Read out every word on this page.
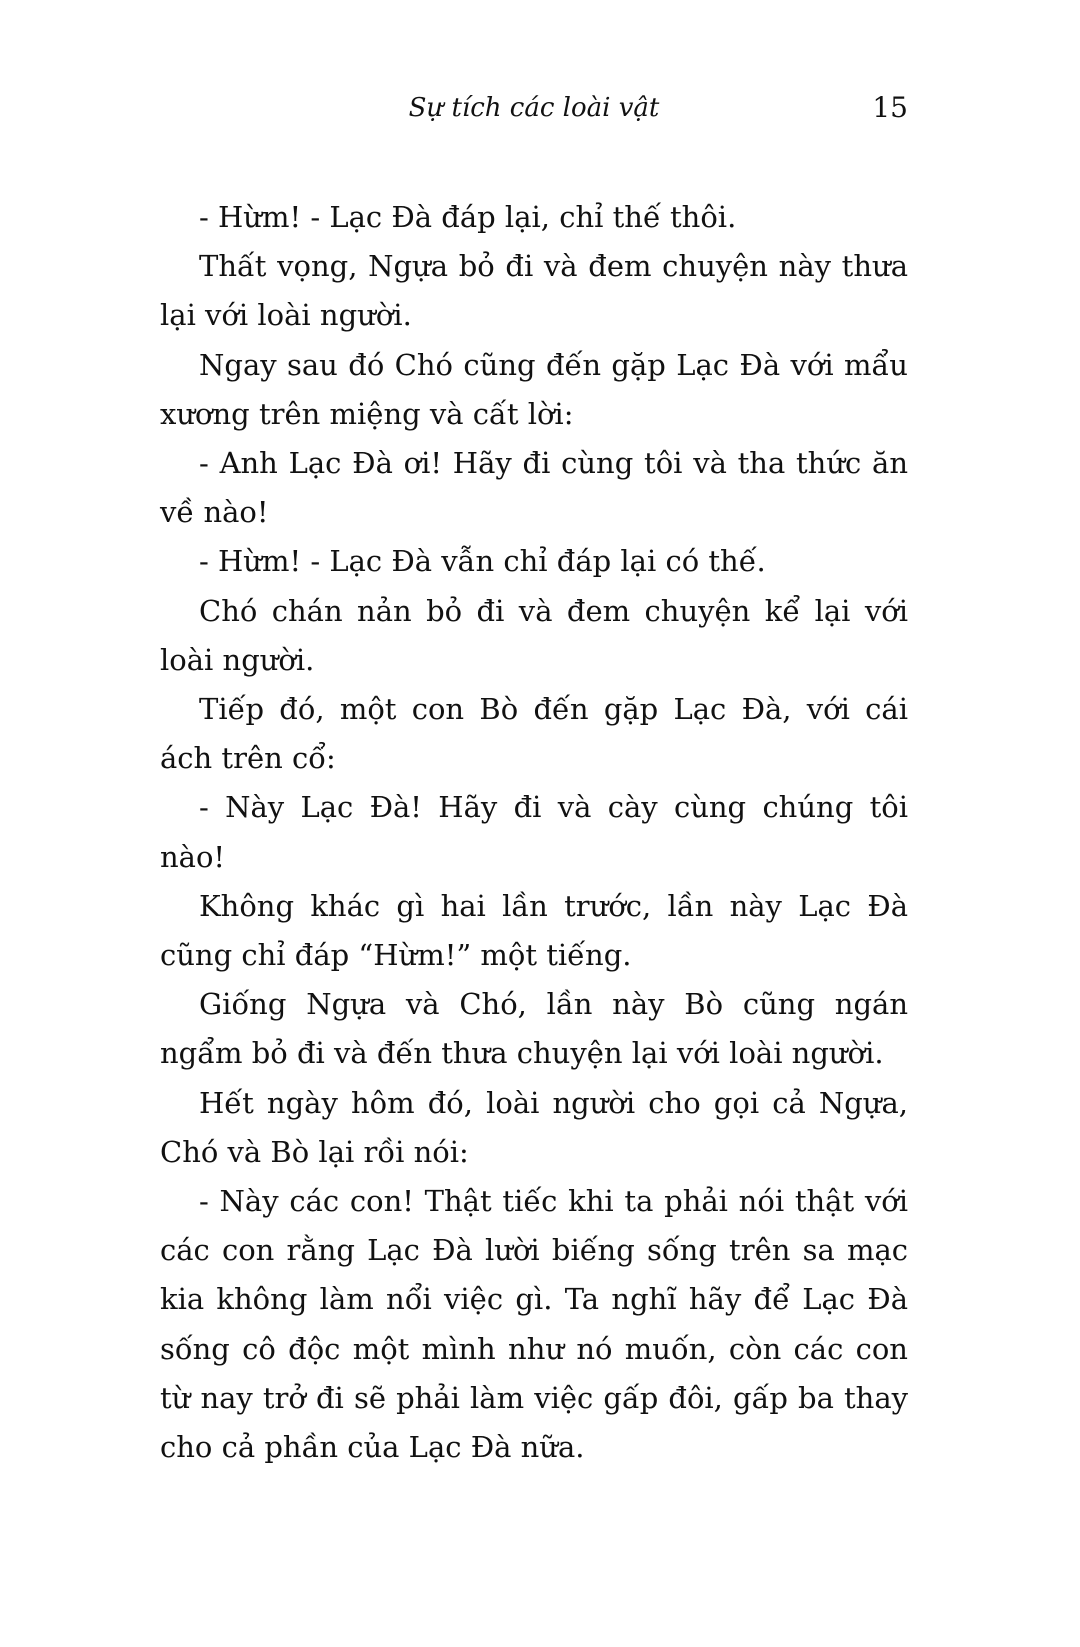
Sự tích các loài vật	15

- Hừm! - Lạc Đà đáp lại, chỉ thế thôi.

Thất vọng, Ngựa bỏ đi và đem chuyện này thưa lại với loài người.

Ngay sau đó Chó cũng đến gặp Lạc Đà với mẩu xương trên miệng và cất lời:

- Anh Lạc Đà ơi! Hãy đi cùng tôi và tha thức ăn về nào!

- Hừm! - Lạc Đà vẫn chỉ đáp lại có thế.

Chó chán nản bỏ đi và đem chuyện kể lại với loài người.

Tiếp đó, một con Bò đến gặp Lạc Đà, với cái ách trên cổ:

- Này Lạc Đà! Hãy đi và cày cùng chúng tôi nào!

Không khác gì hai lần trước, lần này Lạc Đà cũng chỉ đáp “Hừm!” một tiếng.

Giống Ngựa và Chó, lần này Bò cũng ngán ngẩm bỏ đi và đến thưa chuyện lại với loài người.

Hết ngày hôm đó, loài người cho gọi cả Ngựa, Chó và Bò lại rồi nói:

- Này các con! Thật tiếc khi ta phải nói thật với các con rằng Lạc Đà lười biếng sống trên sa mạc kia không làm nổi việc gì. Ta nghĩ hãy để Lạc Đà sống cô độc một mình như nó muốn, còn các con từ nay trở đi sẽ phải làm việc gấp đôi, gấp ba thay cho cả phần của Lạc Đà nữa.
